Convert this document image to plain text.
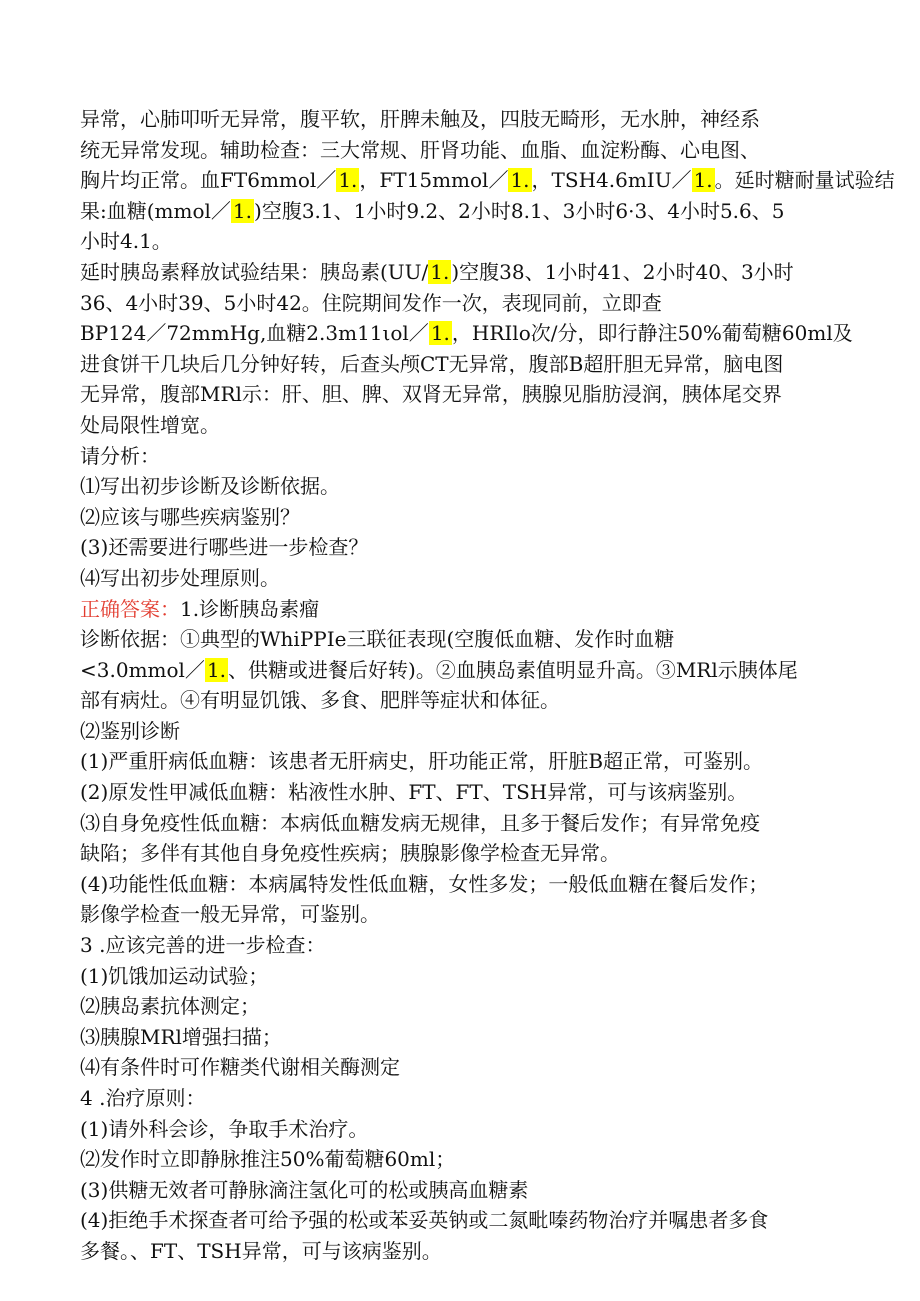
异常，心肺叩听无异常，腹平软，肝脾未触及，四肢无畸形，无水肿，神经系
统无异常发现。辅助检查：三大常规、肝肾功能、血脂、血淀粉酶、心电图、
胸片均正常。血FT6mmol／ 1. ，FT15mmol／ 1. ，TSH4.6mIU／ 1. 。延时糖耐量试验结
果:血糖(mmol／ 1. )空腹3.1、1小时9.2、2小时8.1、3小时6·3、4小时5.6、5
小时4.1。
延时胰岛素释放试验结果：胰岛素(UU/ 1. )空腹38、1小时41、2小时40、3小时
36、4小时39、5小时42。住院期间发作一次，表现同前，立即查
BP124／72mmHg,血糖2.3m11ιol／ 1. ，HRIlo次/分，即行静注50%葡萄糖60ml及
进食饼干几块后几分钟好转，后查头颅CT无异常，腹部B超肝胆无异常，脑电图
无异常，腹部MRl示：肝、胆、脾、双肾无异常，胰腺见脂肪浸润，胰体尾交界
处局限性增宽。
请分析：
⑴写出初步诊断及诊断依据。
⑵应该与哪些疾病鉴别？
(3)还需要进行哪些进一步检查？
⑷写出初步处理原则。
正确答案：1.诊断胰岛素瘤
诊断依据：①典型的WhiPPIe三联征表现(空腹低血糖、发作时血糖
<3.0mmol／ 1. 、供糖或进餐后好转)。②血胰岛素值明显升高。③MRl示胰体尾
部有病灶。④有明显饥饿、多食、肥胖等症状和体征。
⑵鉴别诊断
(1)严重肝病低血糖：该患者无肝病史，肝功能正常，肝脏B超正常，可鉴别。
(2)原发性甲减低血糖：粘液性水肿、FT、FT、TSH异常，可与该病鉴别。
⑶自身免疫性低血糖：本病低血糖发病无规律，且多于餐后发作；有异常免疫
缺陷；多伴有其他自身免疫性疾病；胰腺影像学检查无异常。
(4)功能性低血糖：本病属特发性低血糖，女性多发；一般低血糖在餐后发作；
影像学检查一般无异常，可鉴别。
3 .应该完善的进一步检查：
(1)饥饿加运动试验；
⑵胰岛素抗体测定；
⑶胰腺MRl增强扫描；
⑷有条件时可作糖类代谢相关酶测定
4 .治疗原则：
(1)请外科会诊，争取手术治疗。
⑵发作时立即静脉推注50%葡萄糖60ml；
(3)供糖无效者可静脉滴注氢化可的松或胰高血糖素
(4)拒绝手术探查者可给予强的松或苯妥英钠或二氮毗嗪药物治疗并嘱患者多食
多餐。、FT、TSH异常，可与该病鉴别。
